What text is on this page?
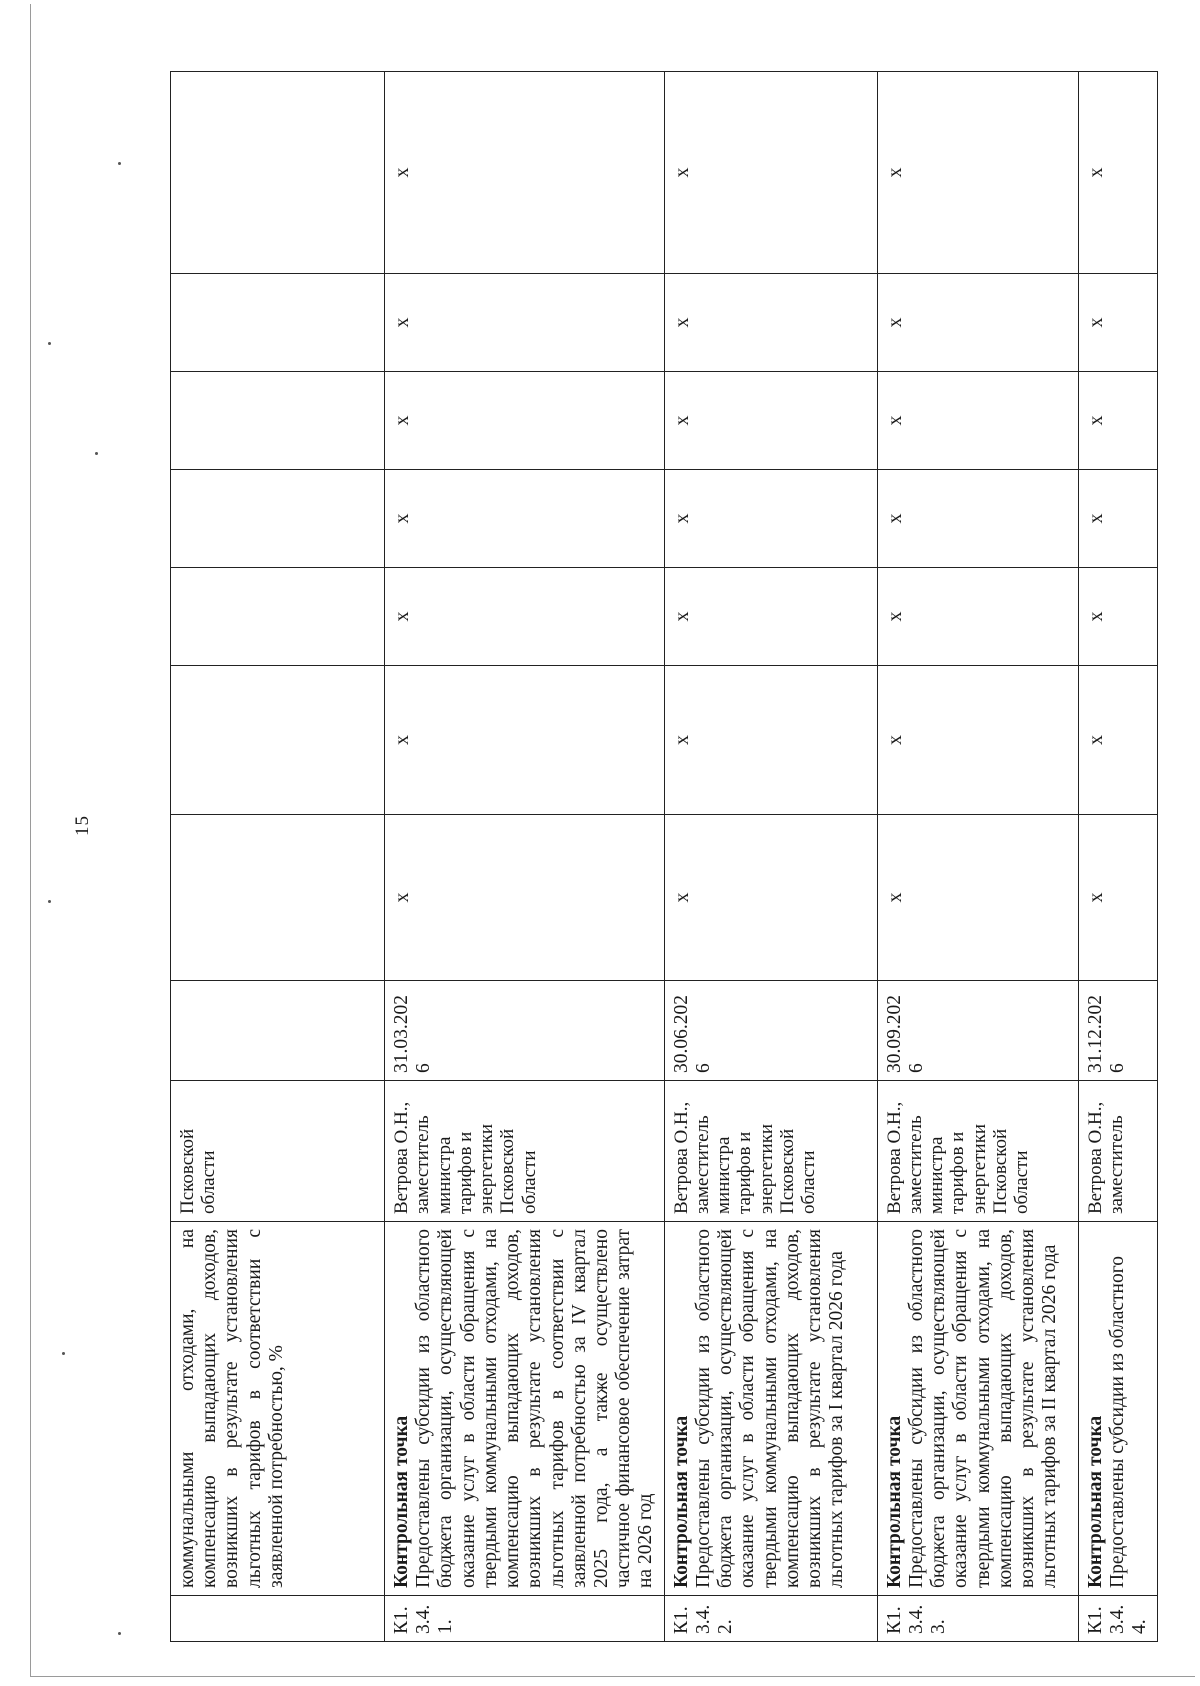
15
	коммунальными отходами, на компенсацию выпадающих доходов, возникших в результате установления льготных тарифов в соответствии с заявленной потребностью, %	Псковской области								
К1.3.4.1.	Контрольная точка Предоставлены субсидии из областного бюджета организации, осуществляющей оказание услуг в области обращения с твердыми коммунальными отходами, на компенсацию выпадающих доходов, возникших в результате установления льготных тарифов в соответствии с заявленной потребностью за IV квартал 2025 года, а также осуществлено частичное финансовое обеспечение затрат на 2026 год	Ветрова О.Н., заместитель министра тарифов и энергетики Псковской области	31.03.2026	x	x	x	x	x	x	x
К1.3.4.2.	Контрольная точка Предоставлены субсидии из областного бюджета организации, осуществляющей оказание услуг в области обращения с твердыми коммунальными отходами, на компенсацию выпадающих доходов, возникших в результате установления льготных тарифов за I квартал 2026 года	Ветрова О.Н., заместитель министра тарифов и энергетики Псковской области	30.06.2026	x	x	x	x	x	x	x
К1.3.4.3.	Контрольная точка Предоставлены субсидии из областного бюджета организации, осуществляющей оказание услуг в области обращения с твердыми коммунальными отходами, на компенсацию выпадающих доходов, возникших в результате установления льготных тарифов за II квартал 2026 года	Ветрова О.Н., заместитель министра тарифов и энергетики Псковской области	30.09.2026	x	x	x	x	x	x	x
К1.3.4.4.	Контрольная точка Предоставлены субсидии из областного	Ветрова О.Н., заместитель	31.12.2026	x	x	x	x	x	x	x
